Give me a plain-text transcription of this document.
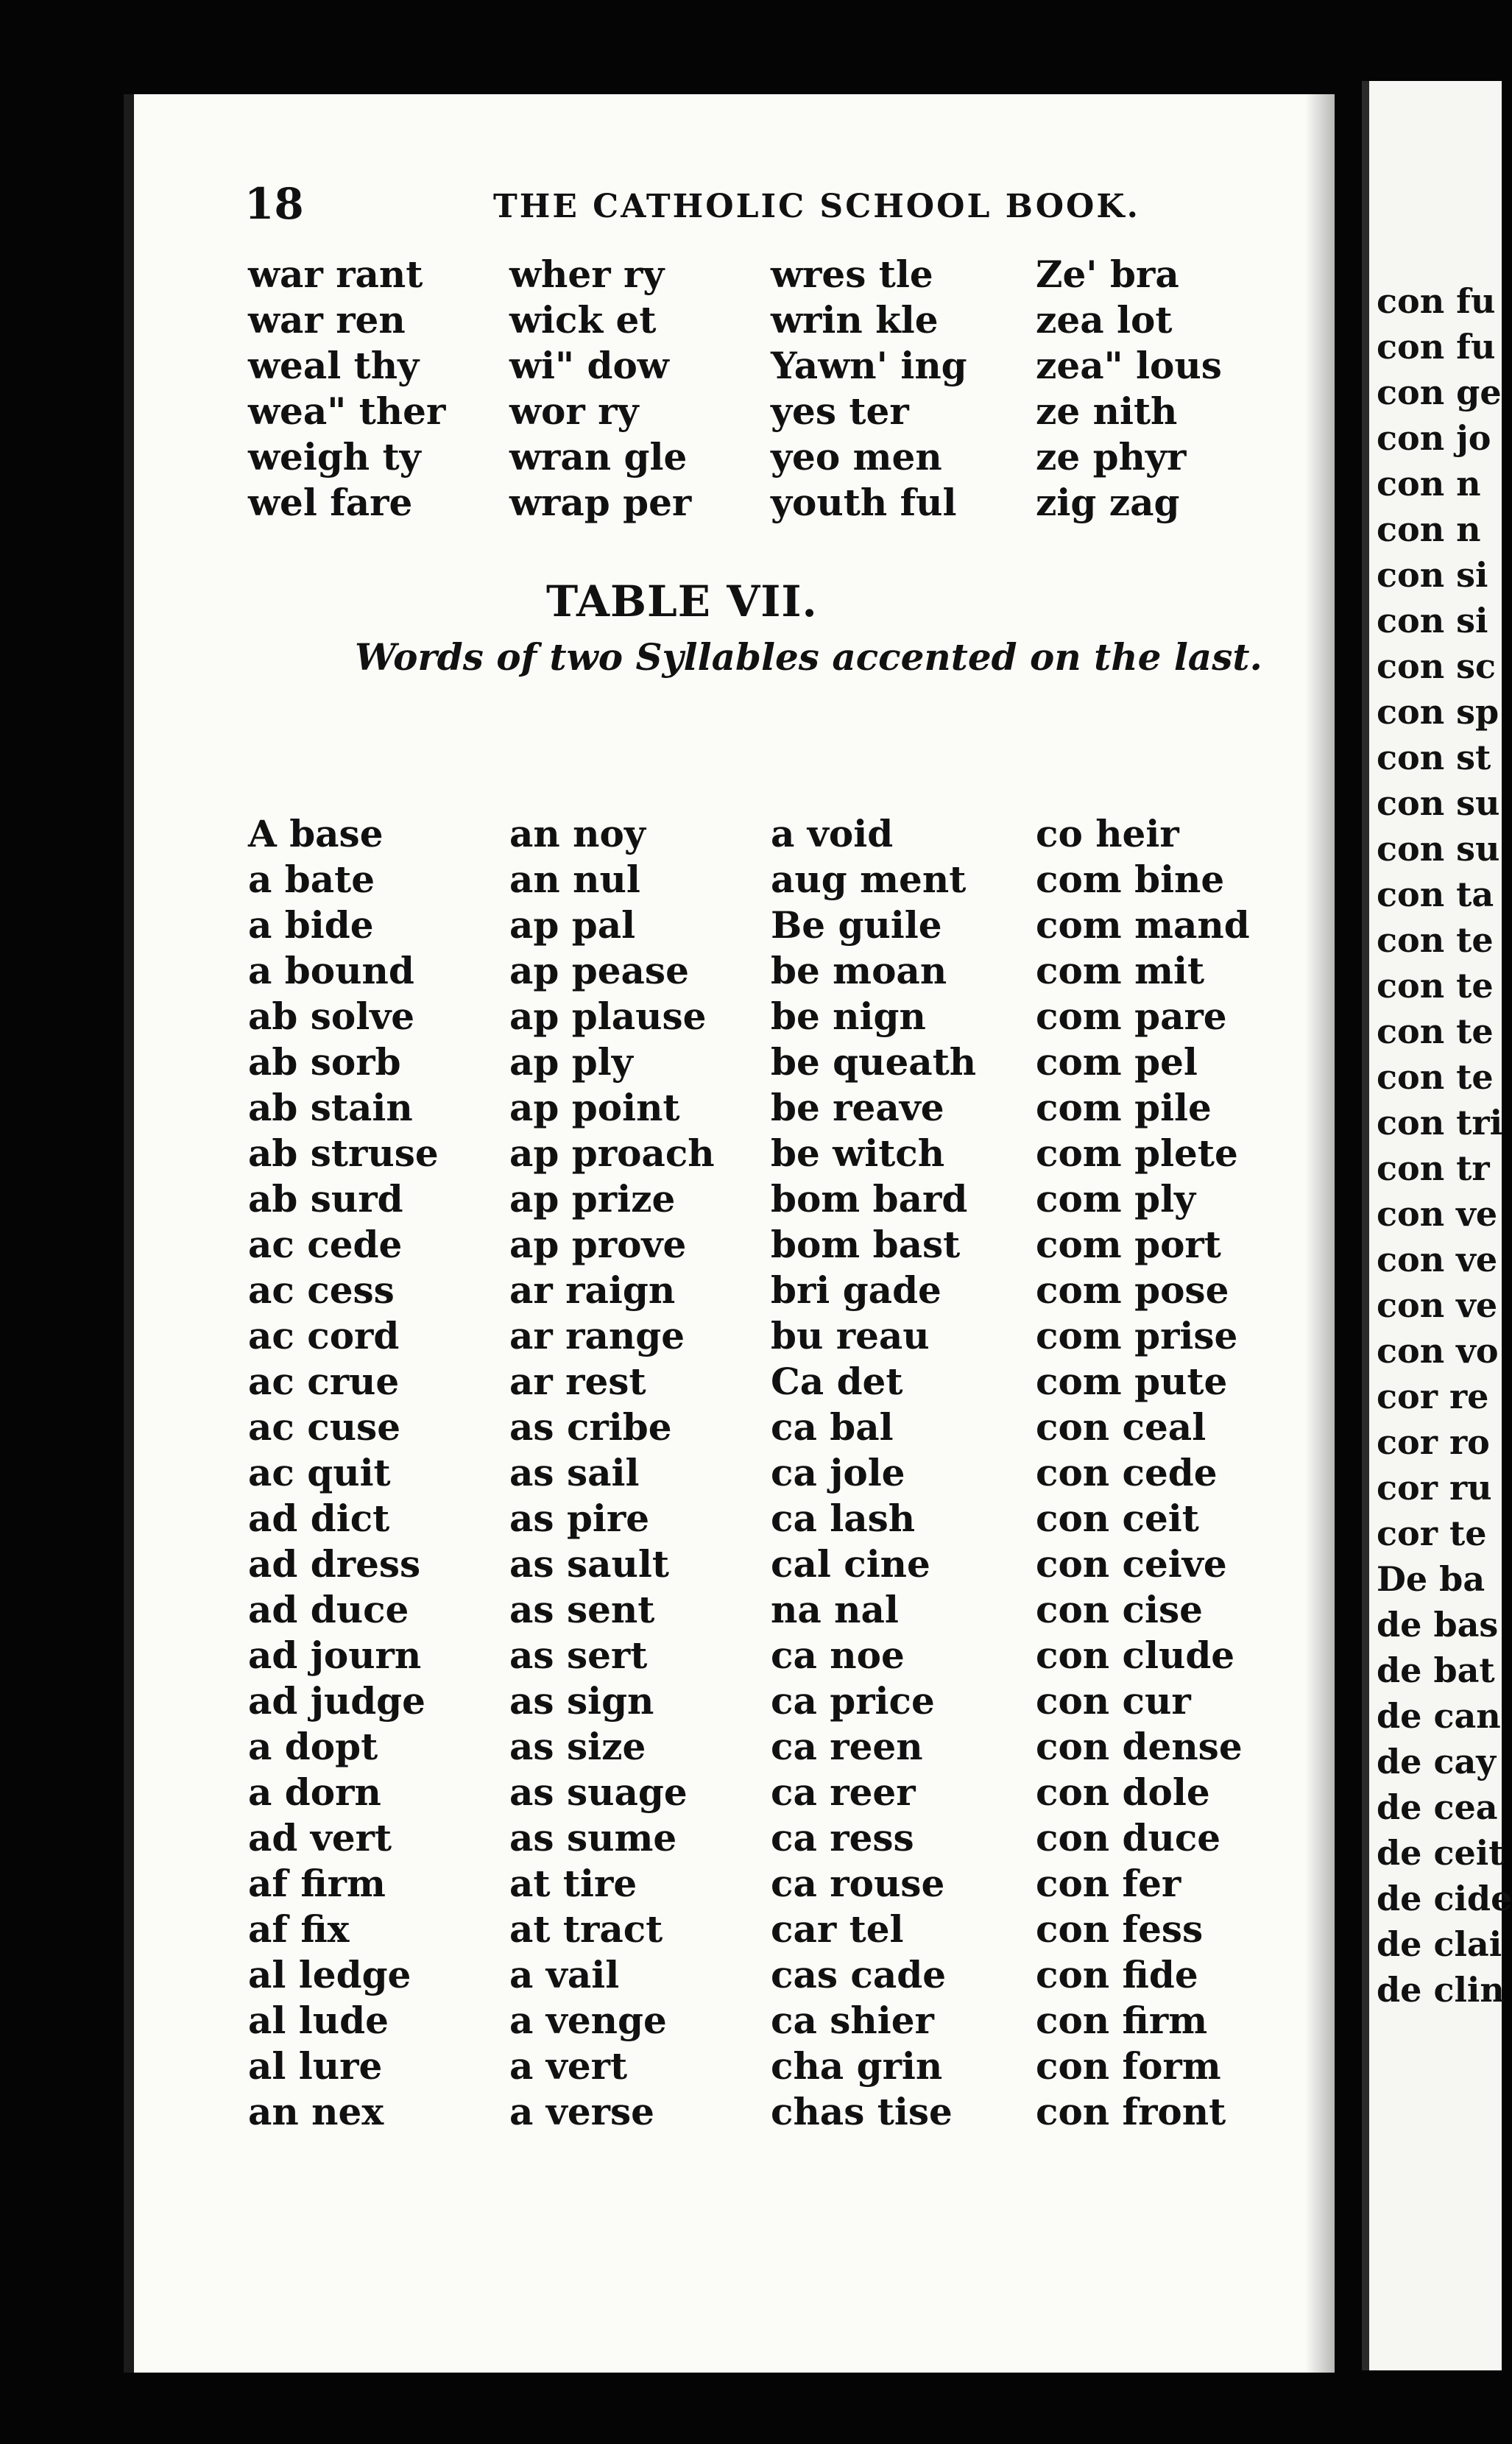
18	THE CATHOLIC SCHOOL BOOK.
war rant
war ren
weal thy
wea" ther
weigh ty
wel fare
wher ry
wick et
wi" dow
wor ry
wran gle
wrap per
wres tle
wrin kle
Yawn' ing
yes ter
yeo men
youth ful
Ze' bra
zea lot
zea" lous
ze nith
ze phyr
zig zag
TABLE VII.
Words of two Syllables accented on the last.
A base
a bate
a bide
a bound
ab solve
ab sorb
ab stain
ab struse
ab surd
ac cede
ac cess
ac cord
ac crue
ac cuse
ac quit
ad dict
ad dress
ad duce
ad journ
ad judge
a dopt
a dorn
ad vert
af firm
af fix
al ledge
al lude
al lure
an nex
an noy
an nul
ap pal
ap pease
ap plause
ap ply
ap point
ap proach
ap prize
ap prove
ar raign
ar range
ar rest
as cribe
as sail
as pire
as sault
as sent
as sert
as sign
as size
as suage
as sume
at tire
at tract
a vail
a venge
a vert
a verse
a void
aug ment
Be guile
be moan
be nign
be queath
be reave
be witch
bom bard
bom bast
bri gade
bu reau
Ca det
ca bal
ca jole
ca lash
cal cine
na nal
ca noe
ca price
ca reen
ca reer
ca ress
ca rouse
car tel
cas cade
ca shier
cha grin
chas tise
co heir
com bine
com mand
com mit
com pare
com pel
com pile
com plete
com ply
com port
com pose
com prise
com pute
con ceal
con cede
con ceit
con ceive
con cise
con clude
con cur
con dense
con dole
con duce
con fer
con fess
con fide
con firm
con form
con front
con fu
con fu
con ge
con jo
con n
con n
con si
con si
con sc
con sp
con st
con su
con su
con ta
con te
con te
con te
con te
con tri
con tr
con ve
con ve
con ve
con vo
cor re
cor ro
cor ru
cor te
De ba
de bas
de bat
de can
de cay
de cea
de ceit
de cide
de clai
de clin
